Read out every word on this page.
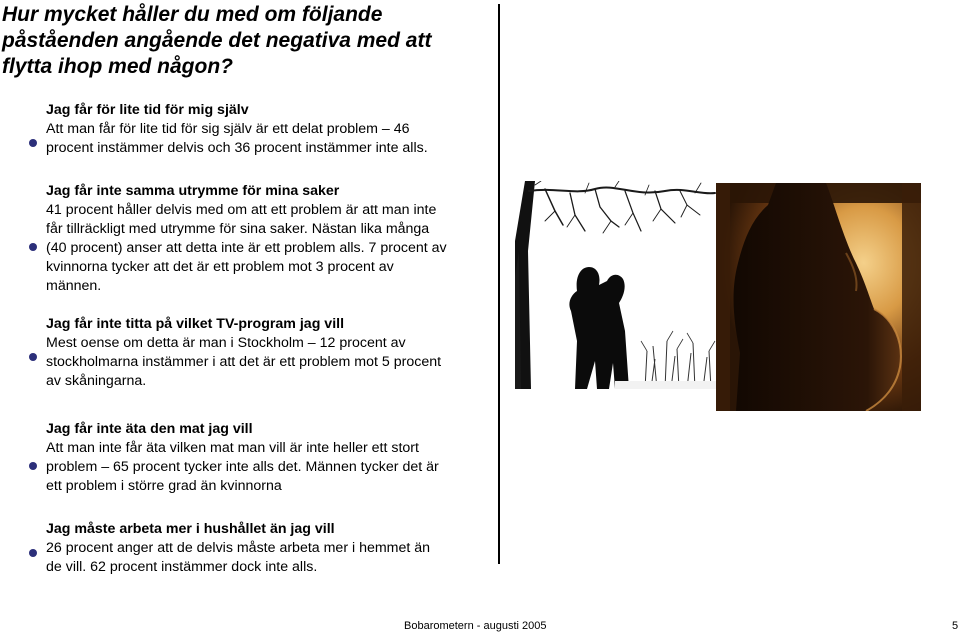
Hur mycket håller du med om följande påståenden angående det negativa med att flytta ihop med någon?
Jag får för lite tid för mig själv
Att man får för lite tid för sig själv är ett delat problem – 46 procent instämmer delvis och 36 procent instämmer inte alls.
Jag får inte samma utrymme för mina saker
41 procent håller delvis med om att ett problem är att man inte får tillräckligt med utrymme för sina saker. Nästan lika många (40 procent) anser att detta inte är ett problem alls. 7 procent av kvinnorna tycker att det är ett problem mot 3 procent av männen.
Jag får inte titta på vilket TV-program jag vill
Mest oense om detta är man i Stockholm – 12 procent av stockholmarna instämmer i att det är ett problem mot 5 procent av skåningarna.
Jag får inte äta den mat jag vill
Att man inte får äta vilken mat man vill är inte heller ett stort problem – 65 procent tycker inte alls det. Männen tycker det är ett problem i större grad än kvinnorna
Jag måste arbeta mer i hushållet än jag vill
26 procent anger att de delvis måste arbeta mer i hemmet än de vill. 62 procent instämmer dock inte alls.
Bobarometern - augusti 2005	5
